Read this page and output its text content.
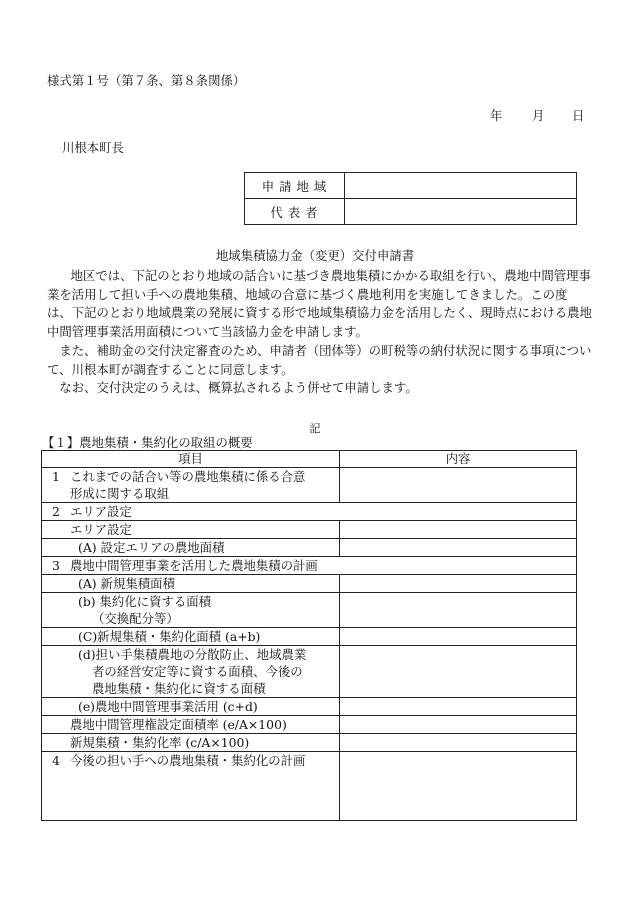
様式第１号（第７条、第８条関係）
年 月 日
川根本町長
申請地域	
代表者	
地域集積協力金（変更）交付申請書

地区では、下記のとおり地域の話合いに基づき農地集積にかかる取組を行い、農地中間管理事業を活用して担い手への農地集積、地域の合意に基づく農地利用を実施してきました。この度は、下記のとおり地域農業の発展に資する形で地域集積協力金を活用したく、現時点における農地中間管理事業活用面積について当該協力金を申請します。

また、補助金の交付決定審査のため、申請者（団体等）の町税等の納付状況に関する事項について、川根本町が調査することに同意します。

なお、交付決定のうえは、概算払されるよう併せて申請します。

記
【１】農地集積・集約化の取組の概要
項目	内容
1 これまでの話合い等の農地集積に係る合意
形成に関する取組	
2 エリア設定	
エリア設定	
(A) 設定エリアの農地面積	
3 農地中間管理事業を活用した農地集積の計画	
(A) 新規集積面積	
(b) 集約化に資する面積

（交換配分等）	

(C)新規集積・集約化面積 (a+b)	
(d)担い手集積農地の分散防止、地域農業

者の経営安定等に資する面積、今後の
農地集積・集約化に資する面積	

(e)農地中間管理事業活用 (c+d)	
農地中間管理権設定面積率 (e/A×100)	
新規集積・集約化率 (c/A×100)	
4 今後の担い手への農地集積・集約化の計画	
